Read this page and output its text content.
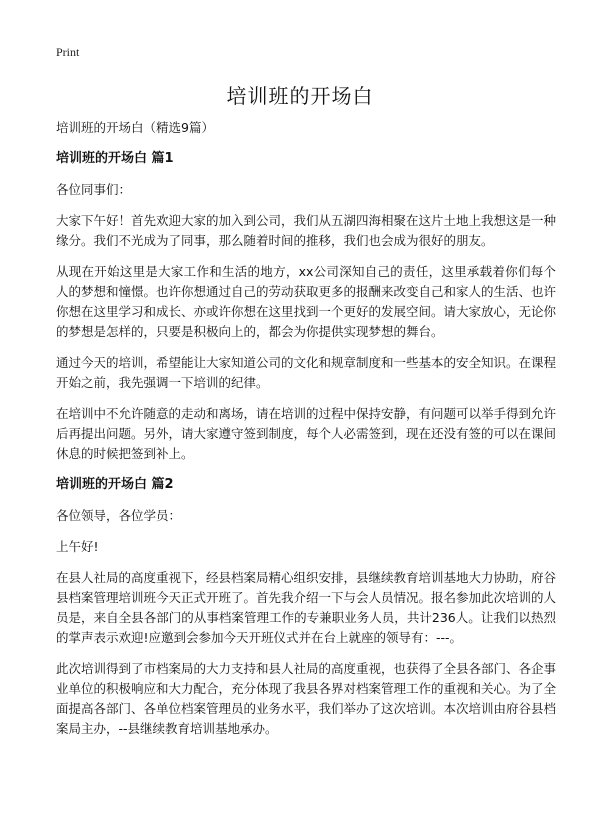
Print
培训班的开场白

培训班的开场白（精选9篇）

培训班的开场白 篇1

各位同事们：

大家下午好！首先欢迎大家的加入到公司，我们从五湖四海相聚在这片土地上我想这是一种缘分。我们不光成为了同事，那么随着时间的推移，我们也会成为很好的朋友。

从现在开始这里是大家工作和生活的地方，xx公司深知自己的责任，这里承载着你们每个人的梦想和憧憬。也许你想通过自己的劳动获取更多的报酬来改变自己和家人的生活、也许你想在这里学习和成长、亦或许你想在这里找到一个更好的发展空间。请大家放心，无论你的梦想是怎样的，只要是积极向上的，都会为你提供实现梦想的舞台。

通过今天的培训，希望能让大家知道公司的文化和规章制度和一些基本的安全知识。在课程开始之前，我先强调一下培训的纪律。

在培训中不允许随意的走动和离场，请在培训的过程中保持安静，有问题可以举手得到允许后再提出问题。另外，请大家遵守签到制度，每个人必需签到，现在还没有签的可以在课间休息的时候把签到补上。

培训班的开场白 篇2

各位领导，各位学员：

上午好!

在县人社局的高度重视下，经县档案局精心组织安排，县继续教育培训基地大力协助，府谷县档案管理培训班今天正式开班了。首先我介绍一下与会人员情况。报名参加此次培训的人员是，来自全县各部门的从事档案管理工作的专兼职业务人员，共计236人。让我们以热烈的掌声表示欢迎!应邀到会参加今天开班仪式并在台上就座的领导有：---。

此次培训得到了市档案局的大力支持和县人社局的高度重视，也获得了全县各部门、各企事业单位的积极响应和大力配合，充分体现了我县各界对档案管理工作的重视和关心。为了全面提高各部门、各单位档案管理员的业务水平，我们举办了这次培训。本次培训由府谷县档案局主办，--县继续教育培训基地承办。
